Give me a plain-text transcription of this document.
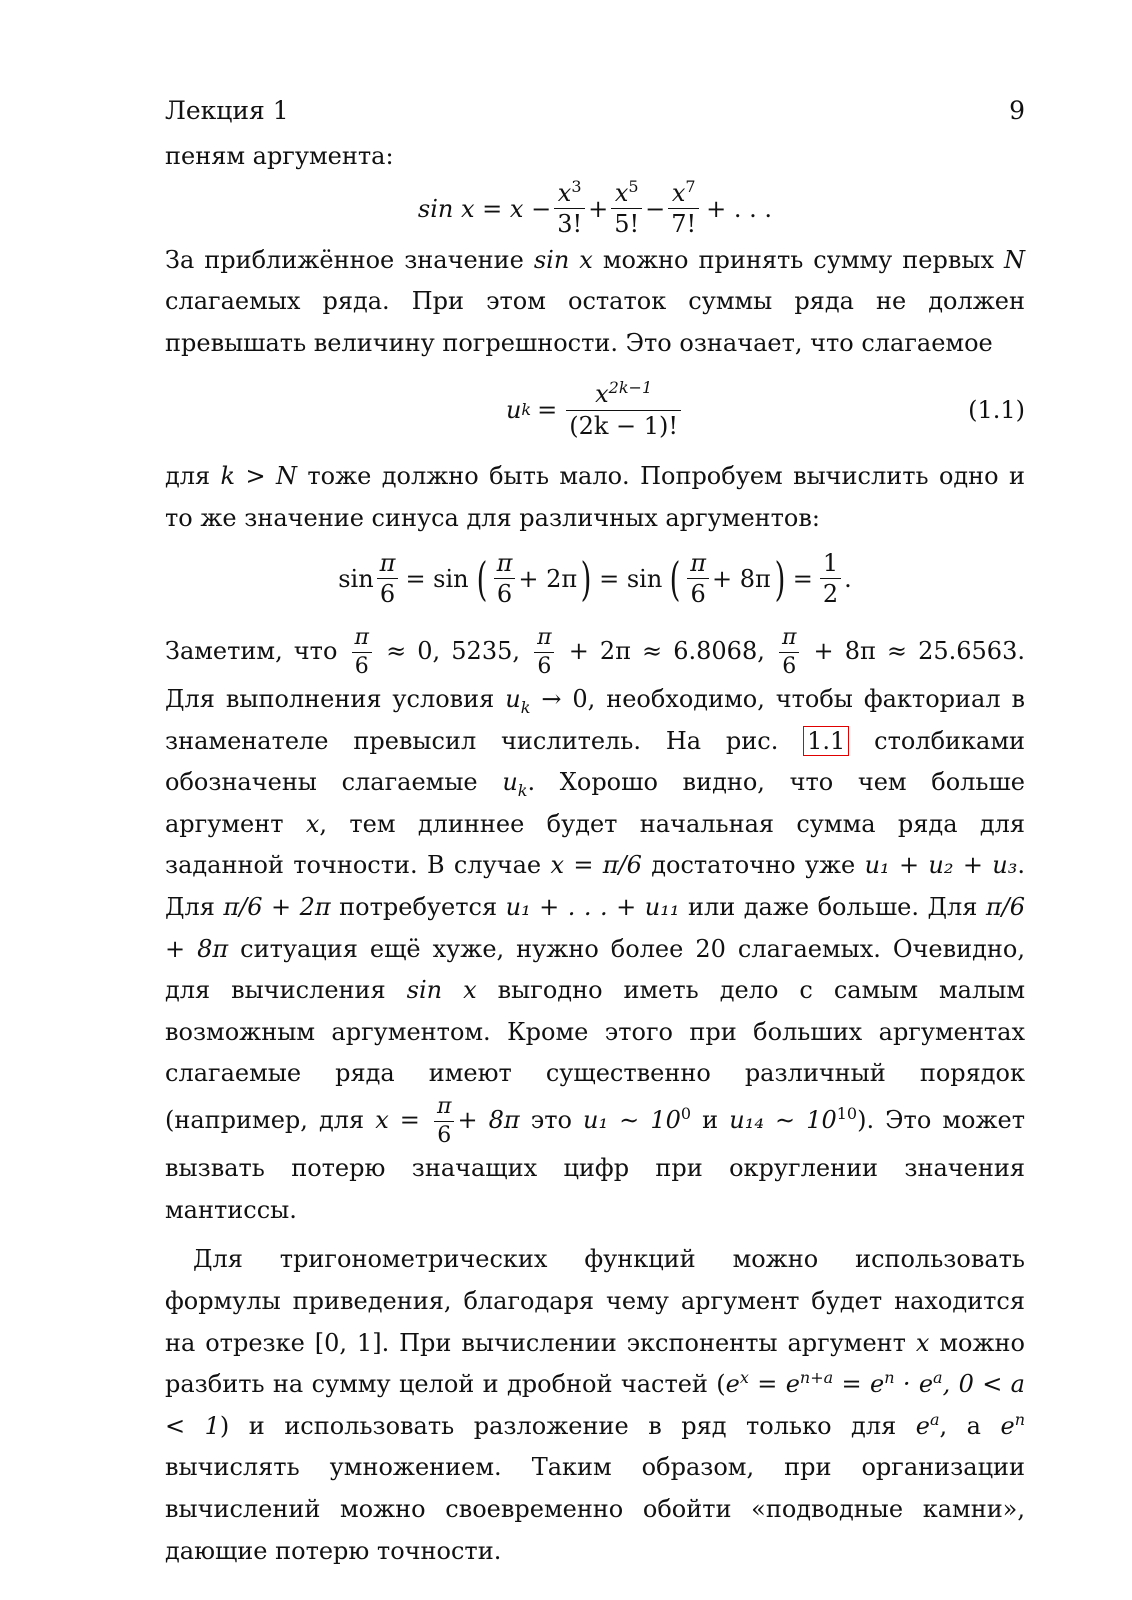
Лекция 1	9

пеням аргумента:

$\sin x = x - \frac{x^3}{3!} + \frac{x^5}{5!} - \frac{x^7}{7!}$ + . . .

За приближённое значение sin x можно принять сумму первых N слагаемых ряда. При этом остаток суммы ряда не должен превышать величину погрешности. Это означает, что слагаемое

u $k = \frac{x^{2k-1}}{(2k - 1)!}$	(1.1)

для k > N тоже должно быть мало. Попробуем вычислить одно и то же значение синуса для различных аргументов:

$\sin \frac{\pi}{6} = \sin$ ( $\frac{\pi}{6} + 2\pi$ ) = sin ( $\frac{\pi}{6} + 8\pi$ ) = $\frac{1}{2}$ .

Заметим, что $\frac{\pi}{6} \approx 0$, 5235, $\frac{\pi}{6} + 2\pi \approx 6.8068$, $\frac{\pi}{6} + 8\pi \approx 25.6563$. Для выполнения условия $u_k \to 0$, необходимо, чтобы факториал в знаменателе превысил числитель. На рис. 1.1 столбиками обозначены слагаемые $u_k$. Хорошо видно, что чем больше аргумент x, тем длиннее будет начальная сумма ряда для заданной точности. В случае x = π/6 достаточно уже u₁ + u₂ + u₃. Для π/6 + 2π потребуется u₁ + . . . + u₁₁ или даже больше. Для π/6 + 8π ситуация ещё хуже, нужно более 20 слагаемых. Очевидно, для вычисления sin x выгодно иметь дело с самым малым возможным аргументом. Кроме этого при больших аргументах слагаемые ряда имеют существенно различный порядок (например, для $x = \frac{\pi}{6} + 8\pi$ это u₁ ∼ $10^0$ и u₁₄ ∼ $10^{10}$). Это может вызвать потерю значащих цифр при округлении значения мантиссы.

Для тригонометрических функций можно использовать формулы приведения, благодаря чему аргумент будет находится на отрезке [0, 1]. При вычислении экспоненты аргумент x можно разбить на сумму целой и дробной частей ($e^x = e^{n+a} = e^n \cdot e^a$, 0 < a < 1) и использовать разложение в ряд только для $e^a$, а $e^n$ вычислять умножением. Таким образом, при организации вычислений можно своевременно обойти «подводные камни», дающие потерю точности.
